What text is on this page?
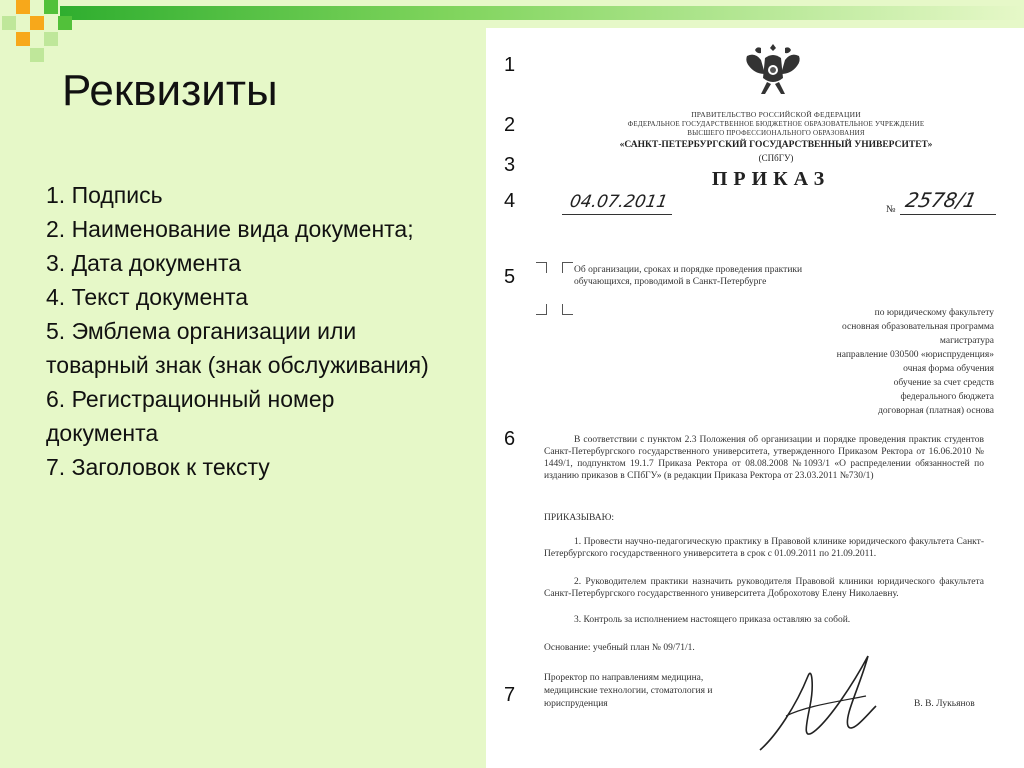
Реквизиты
1. Подпись
2. Наименование вида документа;
3. Дата документа
4. Текст документа
5. Эмблема организации или товарный знак (знак обслуживания)
6. Регистрационный номер документа
7. Заголовок к тексту
1
2
3
4
5
6
7
ПРАВИТЕЛЬСТВО РОССИЙСКОЙ ФЕДЕРАЦИИ
ФЕДЕРАЛЬНОЕ ГОСУДАРСТВЕННОЕ БЮДЖЕТНОЕ ОБРАЗОВАТЕЛЬНОЕ УЧРЕЖДЕНИЕ
ВЫСШЕГО ПРОФЕССИОНАЛЬНОГО ОБРАЗОВАНИЯ
«САНКТ-ПЕТЕРБУРГСКИЙ ГОСУДАРСТВЕННЫЙ УНИВЕРСИТЕТ»
(СПбГУ)
ПРИКАЗ
04.07.2011	№ 2578/1
Об организации, сроках и порядке проведения практики обучающихся, проводимой в Санкт-Петербурге
по юридическому факультету
основная образовательная программа
магистратура
направление 030500 «юриспруденция»
очная форма обучения
обучение за счет средств
федерального бюджета
договорная (платная) основа
В соответствии с пунктом 2.3 Положения об организации и порядке проведения практик студентов Санкт-Петербургского государственного университета, утвержденного Приказом Ректора от 16.06.2010 № 1449/1, подпунктом 19.1.7 Приказа Ректора от 08.08.2008 №1093/1 «О распределении обязанностей по изданию приказов в СПбГУ» (в редакции Приказа Ректора от 23.03.2011 №730/1)
ПРИКАЗЫВАЮ:
1. Провести научно-педагогическую практику в Правовой клинике юридического факультета Санкт-Петербургского государственного университета в срок с 01.09.2011 по 21.09.2011.
2. Руководителем практики назначить руководителя Правовой клиники юридического факультета Санкт-Петербургского государственного университета Доброхотову Елену Николаевну.
3. Контроль за исполнением настоящего приказа оставляю за собой.
Основание: учебный план № 09/71/1.
Проректор по направлениям медицина, медицинские технологии, стоматология и юриспруденция	В. В. Лукьянов
